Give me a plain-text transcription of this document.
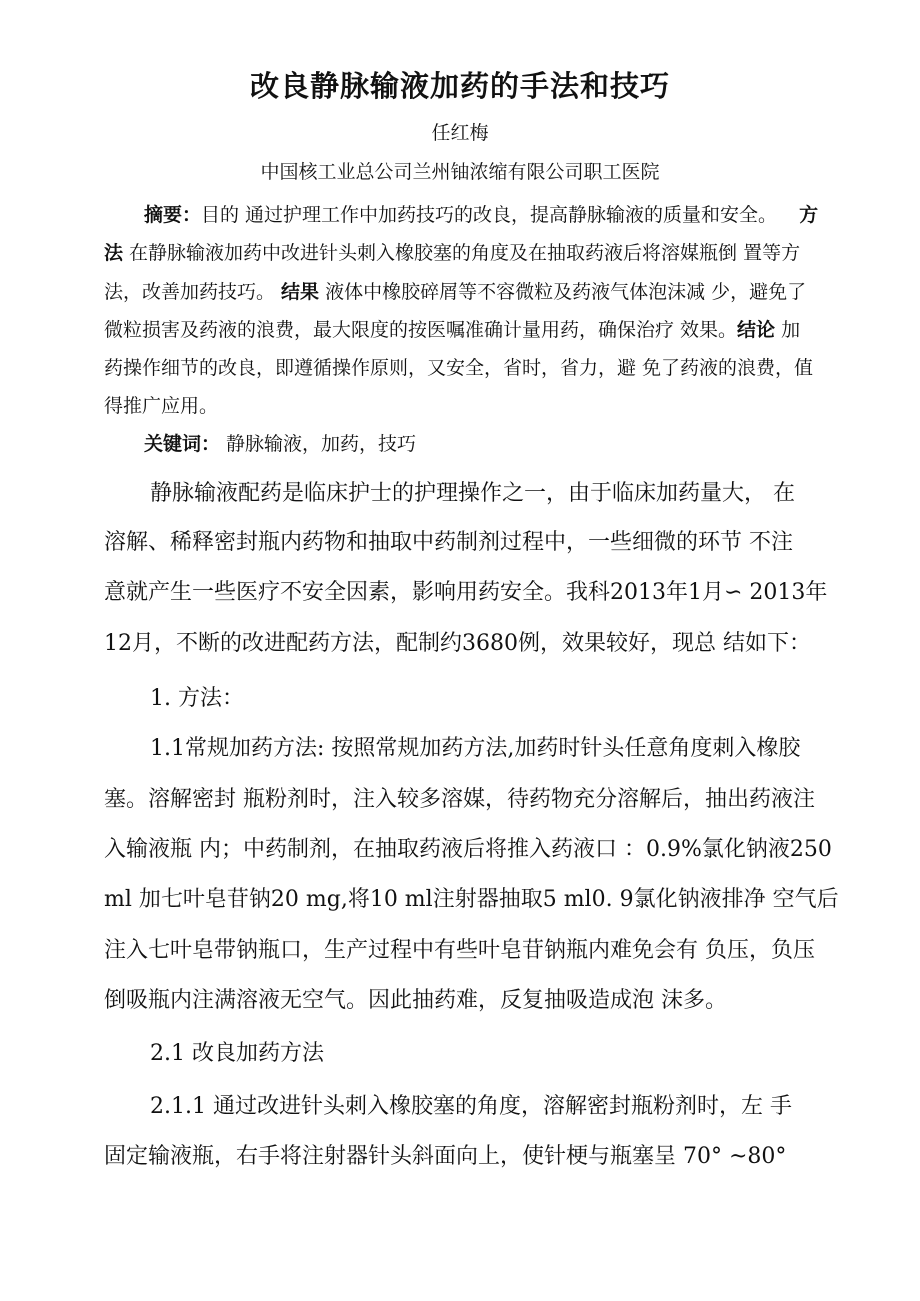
改良静脉输液加药的手法和技巧
任红梅
中国核工业总公司兰州铀浓缩有限公司职工医院
摘要：目的 通过护理工作中加药技巧的改良，提高静脉输液的质量和安全。 方
法 在静脉输液加药中改进针头刺入橡胶塞的角度及在抽取药液后将溶媒瓶倒 置等方
法，改善加药技巧。 结果 液体中橡胶碎屑等不容微粒及药液气体泡沫减 少，避免了
微粒损害及药液的浪费，最大限度的按医嘱准确计量用药，确保治疗 效果。结论 加
药操作细节的改良，即遵循操作原则，又安全，省时，省力，避 免了药液的浪费，值
得推广应用。
关键词： 静脉输液，加药，技巧
静脉输液配药是临床护士的护理操作之一，由于临床加药量大， 在
溶解、稀释密封瓶内药物和抽取中药制剂过程中，一些细微的环节 不注
意就产生一些医疗不安全因素，影响用药安全。我科2013年1月∽ 2013年
12月，不断的改进配药方法，配制约3680例，效果较好，现总 结如下：
1. 方法：
1.1常规加药方法: 按照常规加药方法,加药时针头任意角度刺入橡胶
塞。溶解密封 瓶粉剂时，注入较多溶媒，待药物充分溶解后，抽出药液注
入输液瓶 内；中药制剂，在抽取药液后将推入药液口 ：0.9%氯化钠液250
ml 加七叶皂苷钠20 mg,将10 ml注射器抽取5 ml0. 9氯化钠液排净 空气后
注入七叶皂带钠瓶口，生产过程中有些叶皂苷钠瓶内难免会有 负压，负压
倒吸瓶内注满溶液无空气。因此抽药难，反复抽吸造成泡 沫多。
2.1 改良加药方法
2.1.1 通过改进针头刺入橡胶塞的角度，溶解密封瓶粉剂时，左 手
固定输液瓶，右手将注射器针头斜面向上，使针梗与瓶塞呈 70° ~80°
